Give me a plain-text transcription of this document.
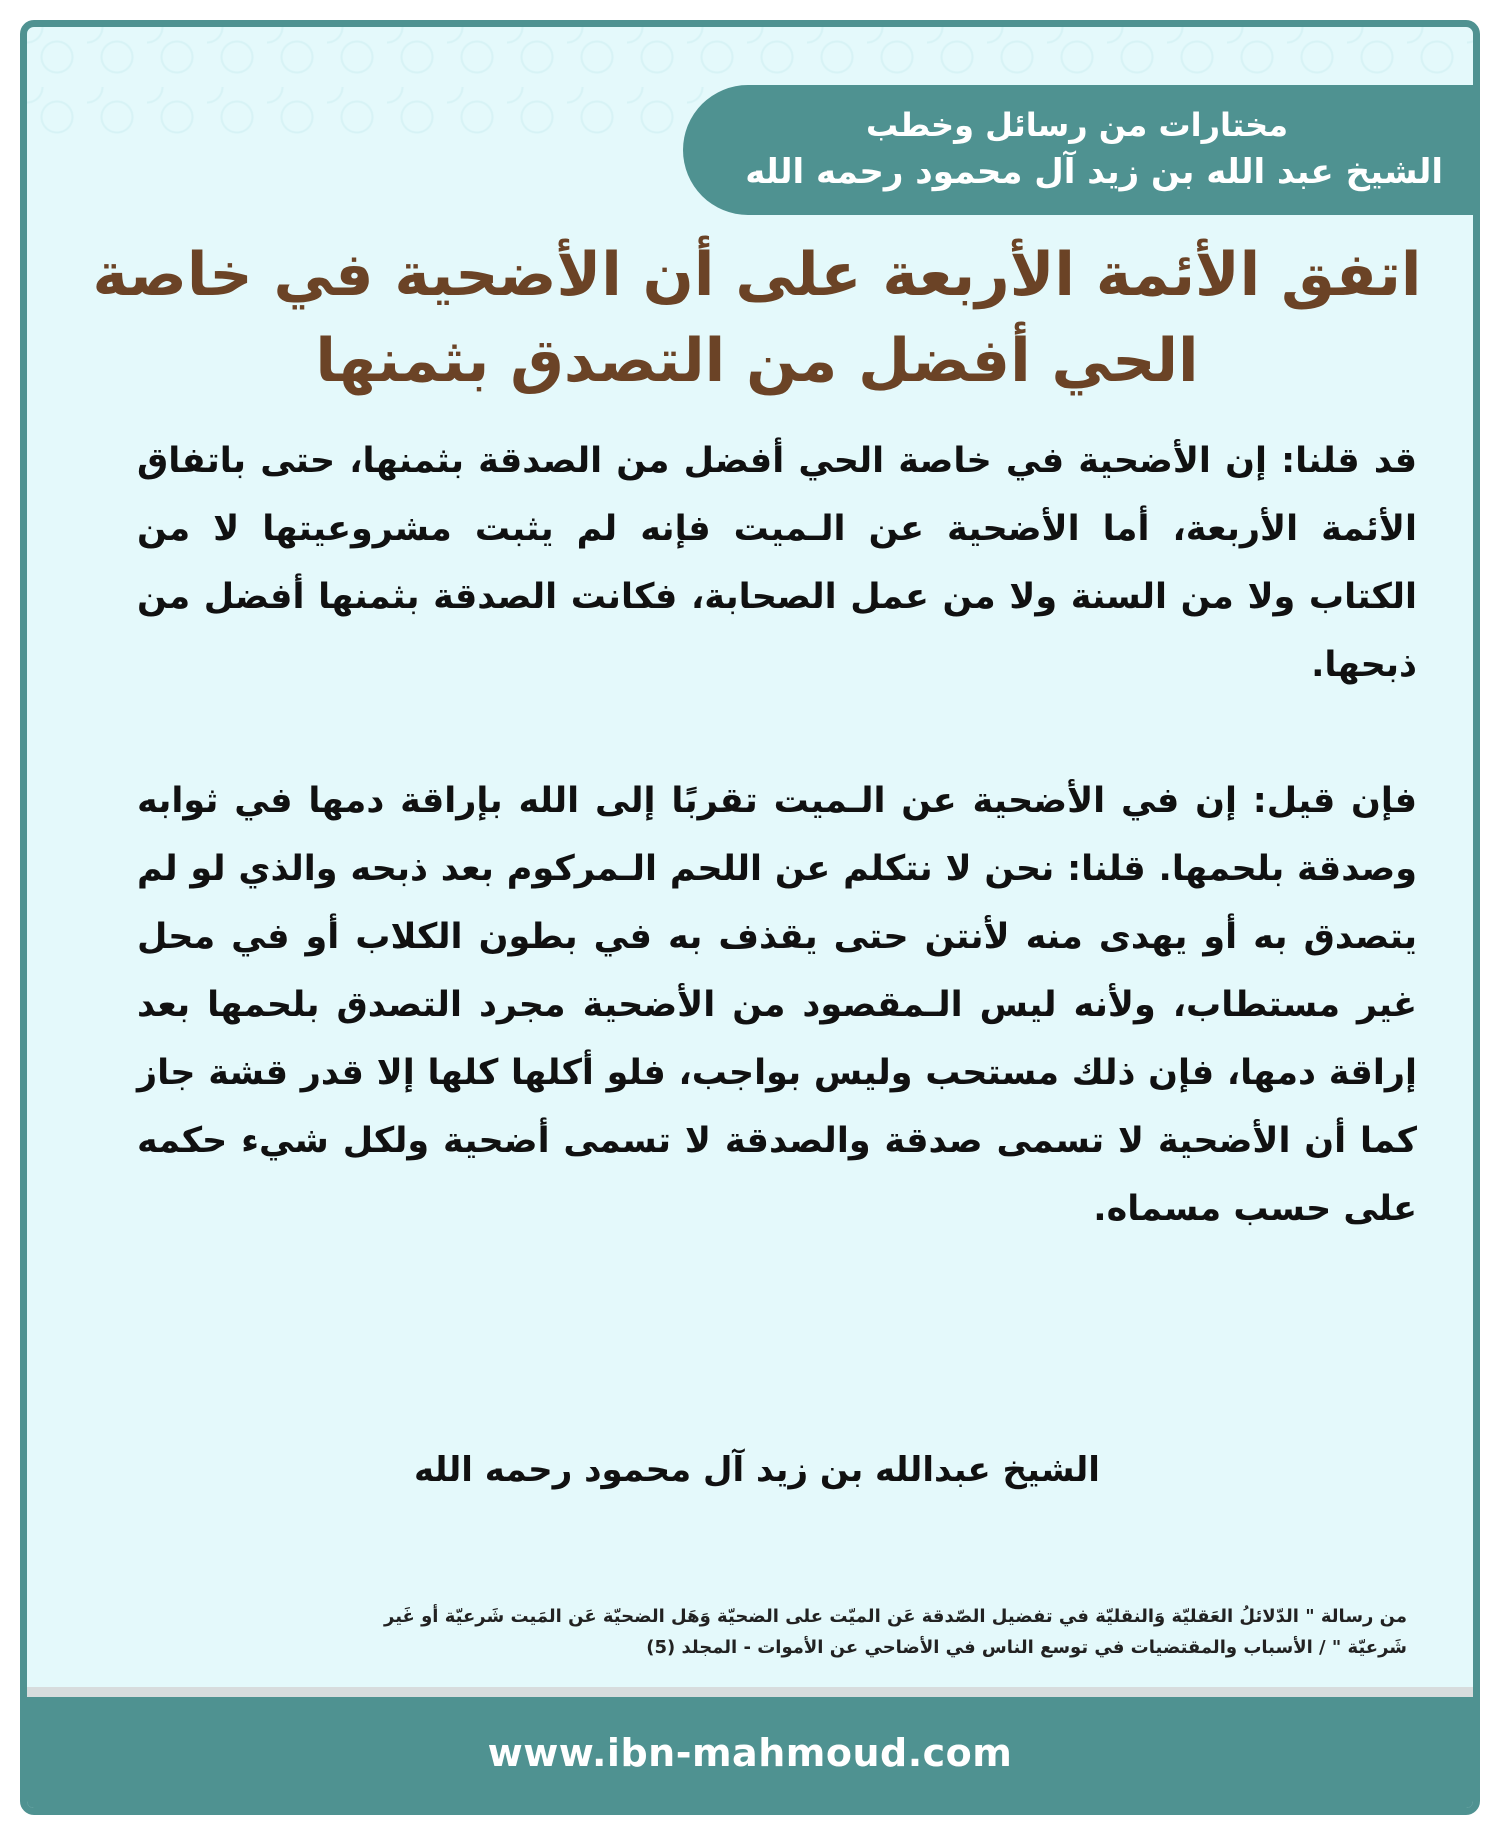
مختارات من رسائل وخطب
الشيخ عبد الله بن زيد آل محمود رحمه الله
اتفق الأئمة الأربعة على أن الأضحية في خاصة الحي أفضل من التصدق بثمنها

قد قلنا: إن الأضحية في خاصة الحي أفضل من الصدقة بثمنها، حتى باتفاق الأئمة الأربعة، أما الأضحية عن الـميت فإنه لم يثبت مشروعيتها لا من الكتاب ولا من السنة ولا من عمل الصحابة، فكانت الصدقة بثمنها أفضل من ذبحها.

فإن قيل: إن في الأضحية عن الـميت تقربًا إلى الله بإراقة دمها في ثوابه وصدقة بلحمها. قلنا: نحن لا نتكلم عن اللحم الـمركوم بعد ذبحه والذي لو لم يتصدق به أو يهدى منه لأنتن حتى يقذف به في بطون الكلاب أو في محل غير مستطاب، ولأنه ليس الـمقصود من الأضحية مجرد التصدق بلحمها بعد إراقة دمها، فإن ذلك مستحب وليس بواجب، فلو أكلها كلها إلا قدر قشة جاز كما أن الأضحية لا تسمى صدقة والصدقة لا تسمى أضحية ولكل شيء حكمه على حسب مسماه.

الشيخ عبدالله بن زيد آل محمود رحمه الله
من رسالة " الدّلائلُ العَقليّة وَالنقليّة في تفضيل الصّدقة عَن الميّت على الضحيّة وَهَل الضحيّة عَن المَيت شَرعيّة أو غَير
شَرعيّة " / الأسباب والمقتضيات في توسع الناس في الأضاحي عن الأموات - المجلد (5)
www.ibn-mahmoud.com
